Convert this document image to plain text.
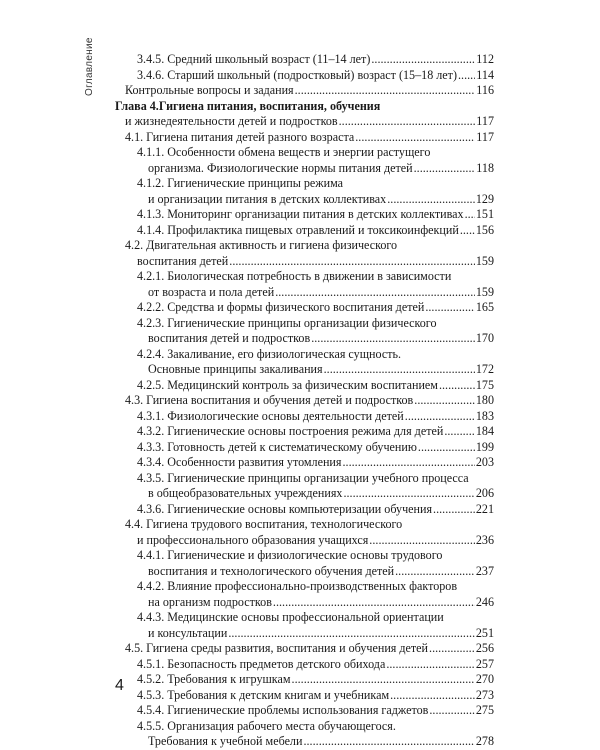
Оглавление	3.4.5. Средний школьный возраст (11–14 лет) . . .	112
3.4.6. Старший школьный (подростковый) возраст (15–18 лет) . . . 114
Контрольные вопросы и задания . . .	116
Глава 4. Гигиена питания, воспитания, обучения
и жизнедеятельности детей и подростков . . .	117
4.1. Гигиена питания детей разного возраста . . .	117
4.1.1. Особенности обмена веществ и энергии растущего
организма. Физиологические нормы питания детей . . .	118
4.1.2. Гигиенические принципы режима
и организации питания в детских коллективах . . .	129
4.1.3. Мониторинг организации питания в детских коллективах . . . 151
4.1.4. Профилактика пищевых отравлений и токсикоинфекций . . . 156
4.2. Двигательная активность и гигиена физического
воспитания детей . . .	159
4.2.1. Биологическая потребность в движении в зависимости
от возраста и пола детей . . .	159
4.2.2. Средства и формы физического воспитания детей . . .	165
4.2.3. Гигиенические принципы организации физического
воспитания детей и подростков . . .	170
4.2.4. Закаливание, его физиологическая сущность.
Основные принципы закаливания . . .	172
4.2.5. Медицинский контроль за физическим воспитанием . . .	175
4.3. Гигиена воспитания и обучения детей и подростков . . .	180
4.3.1. Физиологические основы деятельности детей . . .	183
4.3.2. Гигиенические основы построения режима для детей . . .	184
4.3.3. Готовность детей к систематическому обучению . . .	199
4.3.4. Особенности развития утомления . . .	203
4.3.5. Гигиенические принципы организации учебного процесса
в общеобразовательных учреждениях . . .	206
4.3.6. Гигиенические основы компьютеризации обучения . . .	221
4.4. Гигиена трудового воспитания, технологического
и профессионального образования учащихся . . .	236
4.4.1. Гигиенические и физиологические основы трудового
воспитания и технологического обучения детей . . .	237
4.4.2. Влияние профессионально-производственных факторов
на организм подростков . . .	246
4.4.3. Медицинские основы профессиональной ориентации
и консультации . . .	251
4.5. Гигиена среды развития, воспитания и обучения детей . . .	256
4.5.1. Безопасность предметов детского обихода . . .	257
4.5.2. Требования к игрушкам . . .	270
4.5.3. Требования к детским книгам и учебникам . . .	273
4.5.4. Гигиенические проблемы использования гаджетов . . .	275
4.5.5. Организация рабочего места обучающегося.
Требования к учебной мебели . . .	278
4
